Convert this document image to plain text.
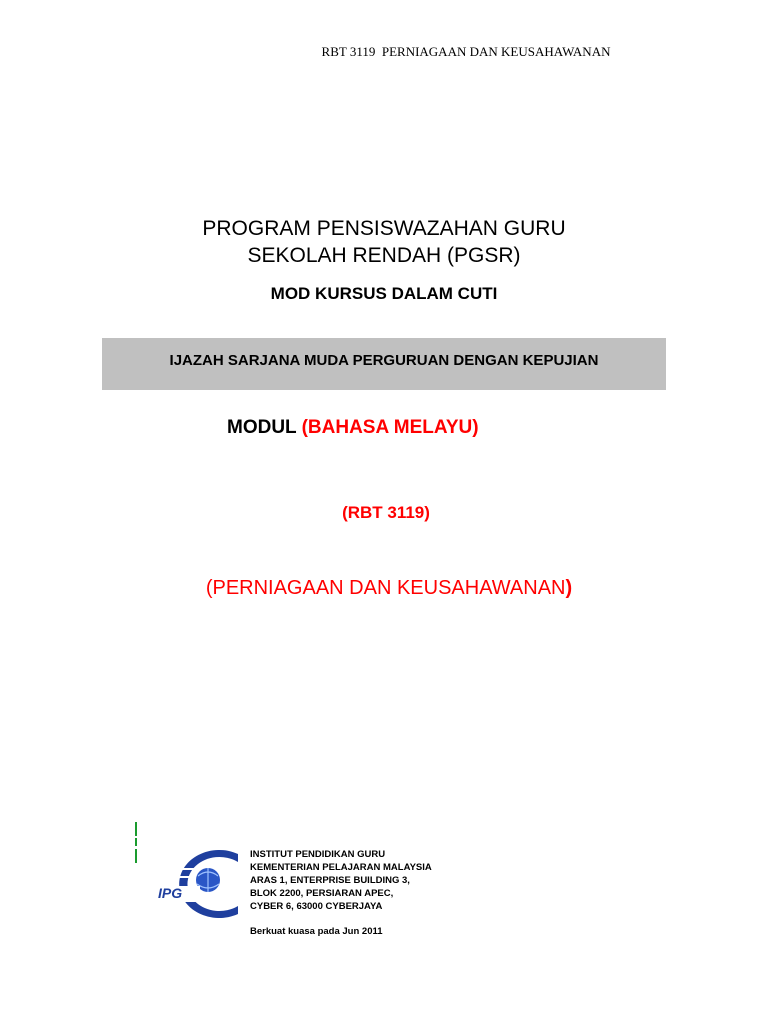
RBT 3119  PERNIAGAAN DAN KEUSAHAWANAN
PROGRAM PENSISWAZAHAN GURU
SEKOLAH RENDAH (PGSR)
MOD KURSUS DALAM CUTI
IJAZAH SARJANA MUDA PERGURUAN DENGAN KEPUJIAN
MODUL (BAHASA MELAYU)
(RBT 3119)
(PERNIAGAAN DAN KEUSAHAWANAN)
IPG
INSTITUT PENDIDIKAN GURU
KEMENTERIAN PELAJARAN MALAYSIA
ARAS 1, ENTERPRISE BUILDING 3,
BLOK 2200, PERSIARAN APEC,
CYBER 6, 63000 CYBERJAYA
Berkuat kuasa pada Jun 2011
